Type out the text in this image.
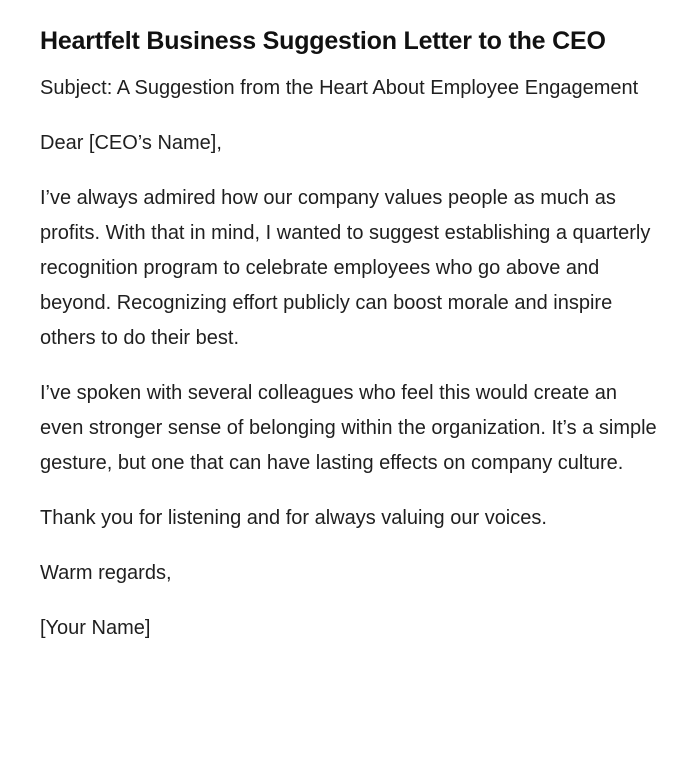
Heartfelt Business Suggestion Letter to the CEO

Subject: A Suggestion from the Heart About Employee Engagement

Dear [CEO’s Name],

I’ve always admired how our company values people as much as profits. With that in mind, I wanted to suggest establishing a quarterly recognition program to celebrate employees who go above and beyond. Recognizing effort publicly can boost morale and inspire others to do their best.

I’ve spoken with several colleagues who feel this would create an even stronger sense of belonging within the organization. It’s a simple gesture, but one that can have lasting effects on company culture.

Thank you for listening and for always valuing our voices.

Warm regards,

[Your Name]
